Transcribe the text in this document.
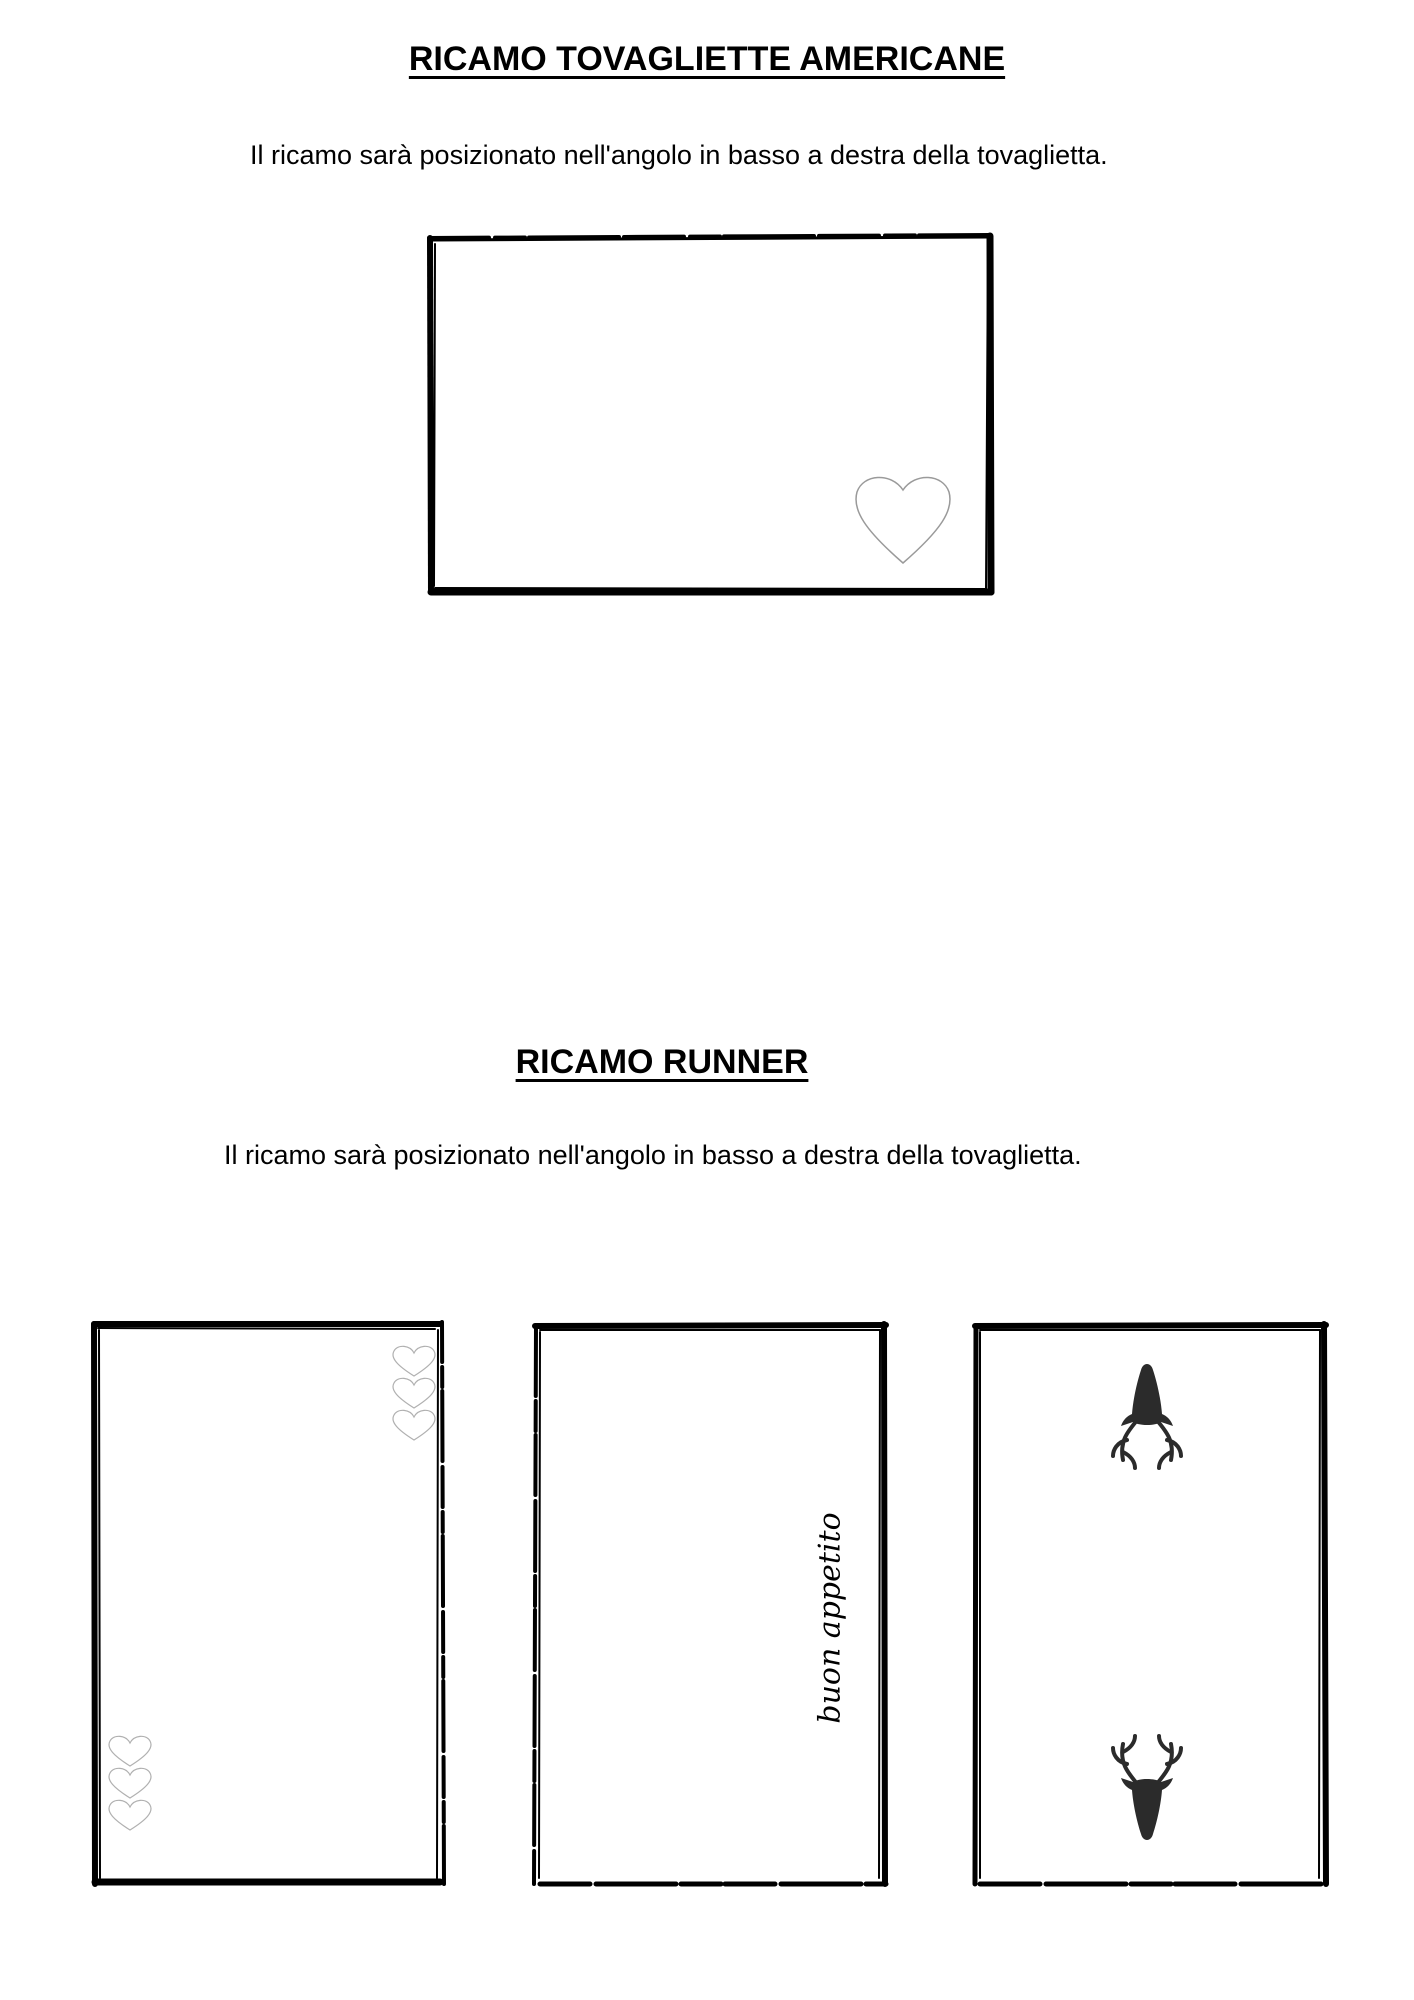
RICAMO TOVAGLIETTE AMERICANE

Il ricamo sarà posizionato nell'angolo in basso a destra della tovaglietta.

RICAMO RUNNER

Il ricamo sarà posizionato nell'angolo in basso a destra della tovaglietta.

buon appetito
